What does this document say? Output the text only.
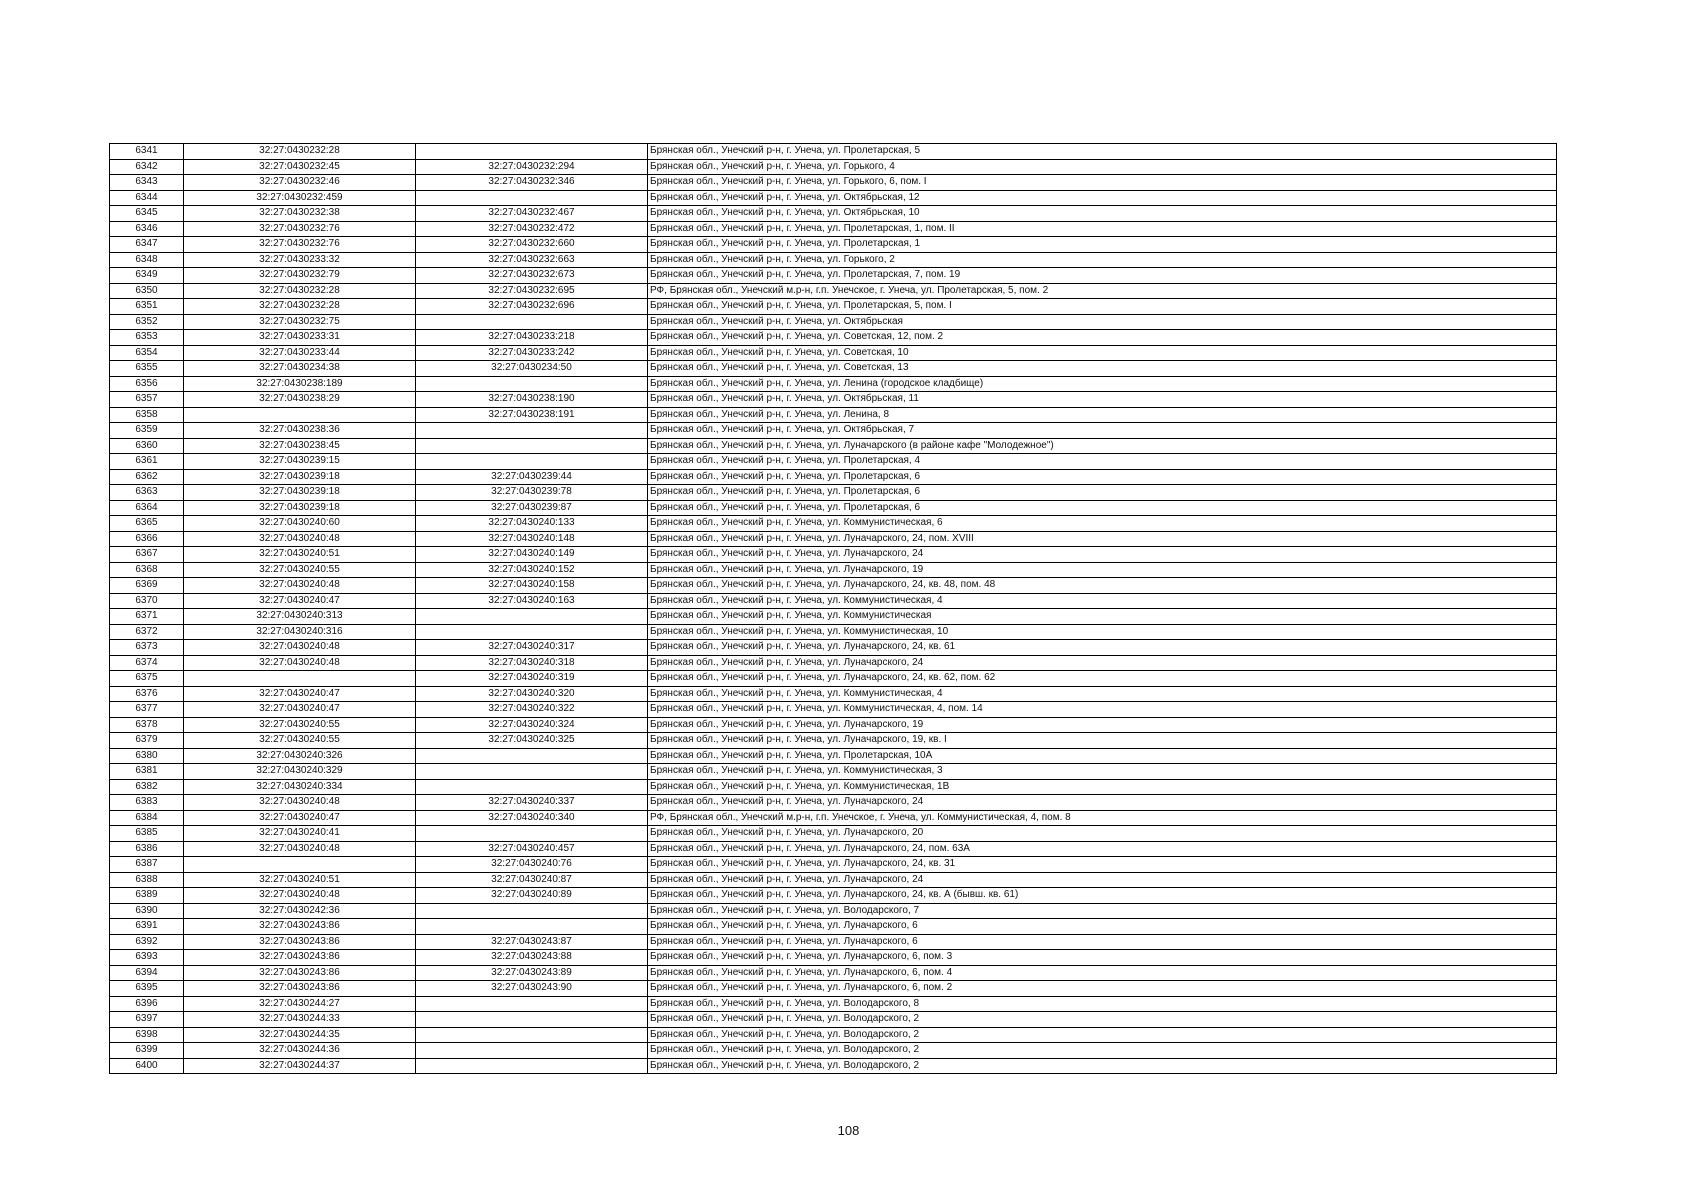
6341	32:27:0430232:28		Брянская обл., Унечский р-н, г. Унеча, ул. Пролетарская, 5
6342	32:27:0430232:45	32:27:0430232:294	Брянская обл., Унечский р-н, г. Унеча, ул. Горького, 4
6343	32:27:0430232:46	32:27:0430232:346	Брянская обл., Унечский р-н, г. Унеча, ул. Горького, 6, пом. I
6344	32:27:0430232:459		Брянская обл., Унечский р-н, г. Унеча, ул. Октябрьская, 12
6345	32:27:0430232:38	32:27:0430232:467	Брянская обл., Унечский р-н, г. Унеча, ул. Октябрьская, 10
6346	32:27:0430232:76	32:27:0430232:472	Брянская обл., Унечский р-н, г. Унеча, ул. Пролетарская, 1, пом. II
6347	32:27:0430232:76	32:27:0430232:660	Брянская обл., Унечский р-н, г. Унеча, ул. Пролетарская, 1
6348	32:27:0430233:32	32:27:0430232:663	Брянская обл., Унечский р-н, г. Унеча, ул. Горького, 2
6349	32:27:0430232:79	32:27:0430232:673	Брянская обл., Унечский р-н, г. Унеча, ул. Пролетарская, 7, пом. 19
6350	32:27:0430232:28	32:27:0430232:695	РФ, Брянская обл., Унечский м.р-н, г.п. Унечское, г. Унеча, ул. Пролетарская, 5, пом. 2
6351	32:27:0430232:28	32:27:0430232:696	Брянская обл., Унечский р-н, г. Унеча, ул. Пролетарская, 5, пом. I
6352	32:27:0430232:75		Брянская обл., Унечский р-н, г. Унеча, ул. Октябрьская
6353	32:27:0430233:31	32:27:0430233:218	Брянская обл., Унечский р-н, г. Унеча, ул. Советская, 12, пом. 2
6354	32:27:0430233:44	32:27:0430233:242	Брянская обл., Унечский р-н, г. Унеча, ул. Советская, 10
6355	32:27:0430234:38	32:27:0430234:50	Брянская обл., Унечский р-н, г. Унеча, ул. Советская, 13
6356	32:27:0430238:189		Брянская обл., Унечский р-н, г. Унеча, ул. Ленина (городское кладбище)
6357	32:27:0430238:29	32:27:0430238:190	Брянская обл., Унечский р-н, г. Унеча, ул. Октябрьская, 11
6358		32:27:0430238:191	Брянская обл., Унечский р-н, г. Унеча, ул. Ленина, 8
6359	32:27:0430238:36		Брянская обл., Унечский р-н, г. Унеча, ул. Октябрьская, 7
6360	32:27:0430238:45		Брянская обл., Унечский р-н, г. Унеча, ул. Луначарского (в районе кафе "Молодежное")
6361	32:27:0430239:15		Брянская обл., Унечский р-н, г. Унеча, ул. Пролетарская, 4
6362	32:27:0430239:18	32:27:0430239:44	Брянская обл., Унечский р-н, г. Унеча, ул. Пролетарская, 6
6363	32:27:0430239:18	32:27:0430239:78	Брянская обл., Унечский р-н, г. Унеча, ул. Пролетарская, 6
6364	32:27:0430239:18	32:27:0430239:87	Брянская обл., Унечский р-н, г. Унеча, ул. Пролетарская, 6
6365	32:27:0430240:60	32:27:0430240:133	Брянская обл., Унечский р-н, г. Унеча, ул. Коммунистическая, 6
6366	32:27:0430240:48	32:27:0430240:148	Брянская обл., Унечский р-н, г. Унеча, ул. Луначарского, 24, пом. XVIII
6367	32:27:0430240:51	32:27:0430240:149	Брянская обл., Унечский р-н, г. Унеча, ул. Луначарского, 24
6368	32:27:0430240:55	32:27:0430240:152	Брянская обл., Унечский р-н, г. Унеча, ул. Луначарского, 19
6369	32:27:0430240:48	32:27:0430240:158	Брянская обл., Унечский р-н, г. Унеча, ул. Луначарского, 24, кв. 48, пом. 48
6370	32:27:0430240:47	32:27:0430240:163	Брянская обл., Унечский р-н, г. Унеча, ул. Коммунистическая, 4
6371	32:27:0430240:313		Брянская обл., Унечский р-н, г. Унеча, ул. Коммунистическая
6372	32:27:0430240:316		Брянская обл., Унечский р-н, г. Унеча, ул. Коммунистическая, 10
6373	32:27:0430240:48	32:27:0430240:317	Брянская обл., Унечский р-н, г. Унеча, ул. Луначарского, 24, кв. 61
6374	32:27:0430240:48	32:27:0430240:318	Брянская обл., Унечский р-н, г. Унеча, ул. Луначарского, 24
6375		32:27:0430240:319	Брянская обл., Унечский р-н, г. Унеча, ул. Луначарского, 24, кв. 62, пом. 62
6376	32:27:0430240:47	32:27:0430240:320	Брянская обл., Унечский р-н, г. Унеча, ул. Коммунистическая, 4
6377	32:27:0430240:47	32:27:0430240:322	Брянская обл., Унечский р-н, г. Унеча, ул. Коммунистическая, 4, пом. 14
6378	32:27:0430240:55	32:27:0430240:324	Брянская обл., Унечский р-н, г. Унеча, ул. Луначарского, 19
6379	32:27:0430240:55	32:27:0430240:325	Брянская обл., Унечский р-н, г. Унеча, ул. Луначарского, 19, кв. I
6380	32:27:0430240:326		Брянская обл., Унечский р-н, г. Унеча, ул. Пролетарская, 10А
6381	32:27:0430240:329		Брянская обл., Унечский р-н, г. Унеча, ул. Коммунистическая, 3
6382	32:27:0430240:334		Брянская обл., Унечский р-н, г. Унеча, ул. Коммунистическая, 1В
6383	32:27:0430240:48	32:27:0430240:337	Брянская обл., Унечский р-н, г. Унеча, ул. Луначарского, 24
6384	32:27:0430240:47	32:27:0430240:340	РФ, Брянская обл., Унечский м.р-н, г.п. Унечское, г. Унеча, ул. Коммунистическая, 4, пом. 8
6385	32:27:0430240:41		Брянская обл., Унечский р-н, г. Унеча, ул. Луначарского, 20
6386	32:27:0430240:48	32:27:0430240:457	Брянская обл., Унечский р-н, г. Унеча, ул. Луначарского, 24, пом. 63А
6387		32:27:0430240:76	Брянская обл., Унечский р-н, г. Унеча, ул. Луначарского, 24, кв. 31
6388	32:27:0430240:51	32:27:0430240:87	Брянская обл., Унечский р-н, г. Унеча, ул. Луначарского, 24
6389	32:27:0430240:48	32:27:0430240:89	Брянская обл., Унечский р-н, г. Унеча, ул. Луначарского, 24, кв. А (бывш. кв. 61)
6390	32:27:0430242:36		Брянская обл., Унечский р-н, г. Унеча, ул. Володарского, 7
6391	32:27:0430243:86		Брянская обл., Унечский р-н, г. Унеча, ул. Луначарского, 6
6392	32:27:0430243:86	32:27:0430243:87	Брянская обл., Унечский р-н, г. Унеча, ул. Луначарского, 6
6393	32:27:0430243:86	32:27:0430243:88	Брянская обл., Унечский р-н, г. Унеча, ул. Луначарского, 6, пом. 3
6394	32:27:0430243:86	32:27:0430243:89	Брянская обл., Унечский р-н, г. Унеча, ул. Луначарского, 6, пом. 4
6395	32:27:0430243:86	32:27:0430243:90	Брянская обл., Унечский р-н, г. Унеча, ул. Луначарского, 6, пом. 2
6396	32:27:0430244:27		Брянская обл., Унечский р-н, г. Унеча, ул. Володарского, 8
6397	32:27:0430244:33		Брянская обл., Унечский р-н, г. Унеча, ул. Володарского, 2
6398	32:27:0430244:35		Брянская обл., Унечский р-н, г. Унеча, ул. Володарского, 2
6399	32:27:0430244:36		Брянская обл., Унечский р-н, г. Унеча, ул. Володарского, 2
6400	32:27:0430244:37		Брянская обл., Унечский р-н, г. Унеча, ул. Володарского, 2
108
